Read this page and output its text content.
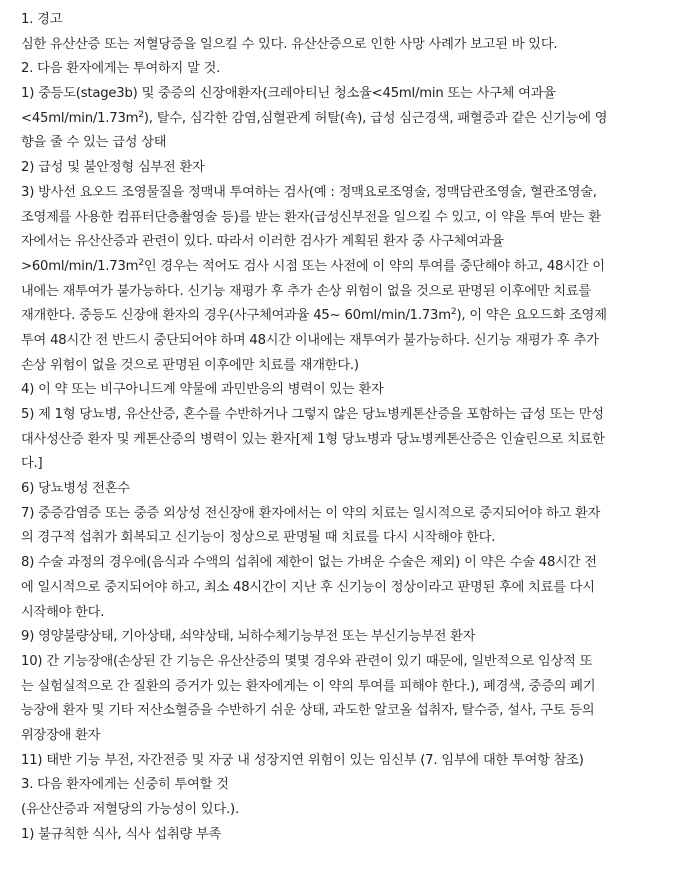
1. 경고
심한 유산산증 또는 저혈당증을 일으킬 수 있다. 유산산증으로 인한 사망 사례가 보고된 바 있다.
2. 다음 환자에게는 투여하지 말 것.
1) 중등도(stage3b) 및 중증의 신장애환자(크레아티닌 청소율<45ml/min 또는 사구체 여과율
$<45ml/\min/1.73m^2$), 탈수, 심각한 감염,심혈관계 허탈(쇽), 급성 심근경색, 패혈증과 같은 신기능에 영
향을 줄 수 있는 급성 상태
2) 급성 및 불안정형 심부전 환자
3) 방사선 요오드 조영물질을 정맥내 투여하는 검사(예 : 정맥요로조영술, 정맥담관조영술, 혈관조영술,
조영제를 사용한 컴퓨터단층촬영술 등)를 받는 환자(급성신부전을 일으킬 수 있고, 이 약을 투여 받는 환
자에서는 유산산증과 관련이 있다. 따라서 이러한 검사가 계획된 환자 중 사구체여과율
$>60ml/\min/1.73m^2$인 경우는 적어도 검사 시점 또는 사전에 이 약의 투여를 중단해야 하고, 48시간 이
내에는 재투여가 불가능하다. 신기능 재평가 후 추가 손상 위험이 없을 것으로 판명된 이후에만 치료를
재개한다. 중등도 신장애 환자의 경우(사구체여과율 45~ $60ml/\min/1.73m^2$), 이 약은 요오드화 조영제
투여 48시간 전 반드시 중단되어야 하며 48시간 이내에는 재투여가 불가능하다. 신기능 재평가 후 추가
손상 위험이 없을 것으로 판명된 이후에만 치료를 재개한다.)
4) 이 약 또는 비구아니드계 약물에 과민반응의 병력이 있는 환자
5) 제 1형 당뇨병, 유산산증, 혼수를 수반하거나 그렇지 않은 당뇨병케톤산증을 포함하는 급성 또는 만성
대사성산증 환자 및 케톤산증의 병력이 있는 환자[제 1형 당뇨병과 당뇨병케톤산증은 인슐린으로 치료한
다.]
6) 당뇨병성 전혼수
7) 중증감염증 또는 중증 외상성 전신장애 환자에서는 이 약의 치료는 일시적으로 중지되어야 하고 환자
의 경구적 섭취가 회복되고 신기능이 정상으로 판명될 때 치료를 다시 시작해야 한다.
8) 수술 과정의 경우에(음식과 수액의 섭취에 제한이 없는 가벼운 수술은 제외) 이 약은 수술 48시간 전
에 일시적으로 중지되어야 하고, 최소 48시간이 지난 후 신기능이 정상이라고 판명된 후에 치료를 다시
시작해야 한다.
9) 영양불량상태, 기아상태, 쇠약상태, 뇌하수체기능부전 또는 부신기능부전 환자
10) 간 기능장애(손상된 간 기능은 유산산증의 몇몇 경우와 관련이 있기 때문에, 일반적으로 임상적 또
는 실험실적으로 간 질환의 증거가 있는 환자에게는 이 약의 투여를 피해야 한다.), 폐경색, 중증의 폐기
능장애 환자 및 기타 저산소혈증을 수반하기 쉬운 상태, 과도한 알코올 섭취자, 탈수증, 설사, 구토 등의
위장장애 환자
11) 태반 기능 부전, 자간전증 및 자궁 내 성장지연 위험이 있는 임신부 (7. 임부에 대한 투여항 참조)
3. 다음 환자에게는 신중히 투여할 것
(유산산증과 저혈당의 가능성이 있다.).
1) 불규칙한 식사, 식사 섭취량 부족
